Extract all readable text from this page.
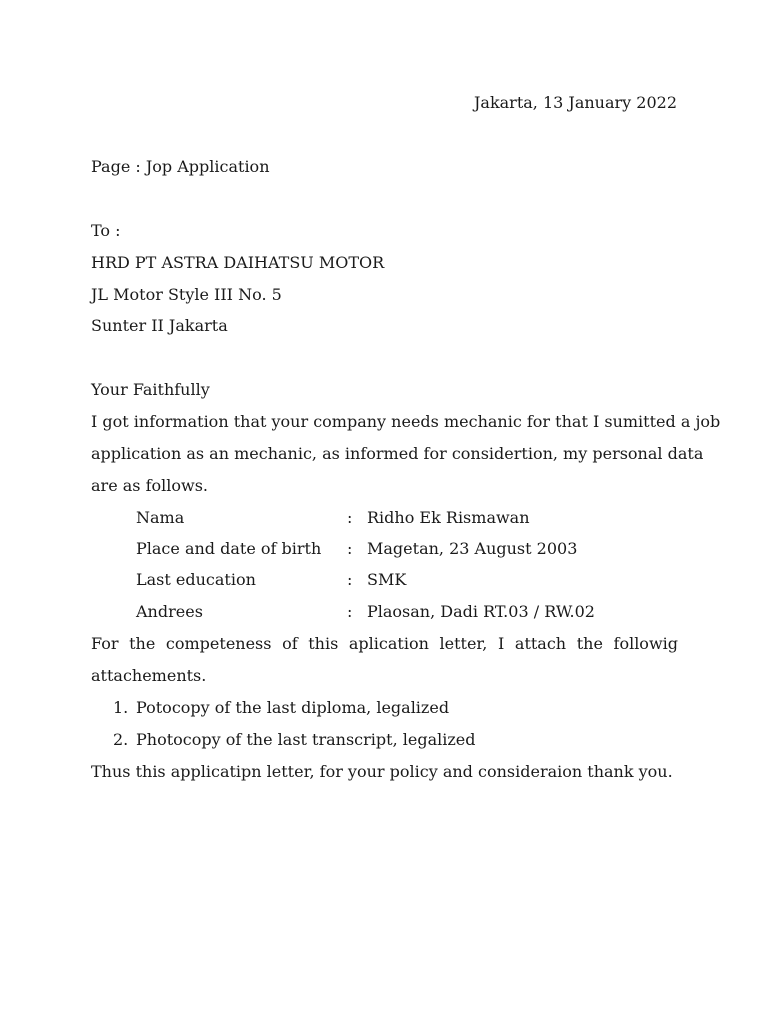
Jakarta, 13 January 2022
Page : Jop Application
To :
HRD PT ASTRA DAIHATSU MOTOR
JL Motor Style III No. 5
Sunter II Jakarta
Your Faithfully
I got information that your company needs mechanic for that I sumitted a job
application as an mechanic, as informed for considertion, my personal data
are as follows.
Nama	: Ridho Ek Rismawan
Place and date of birth : Magetan, 23 August 2003
Last education	: SMK
Andrees	: Plaosan, Dadi RT.03 / RW.02
For the competeness of this aplication letter, I attach the followig
attachements.
1. Potocopy of the last diploma, legalized
2. Photocopy of the last transcript, legalized
Thus this applicatipn letter, for your policy and consideraion thank you.
